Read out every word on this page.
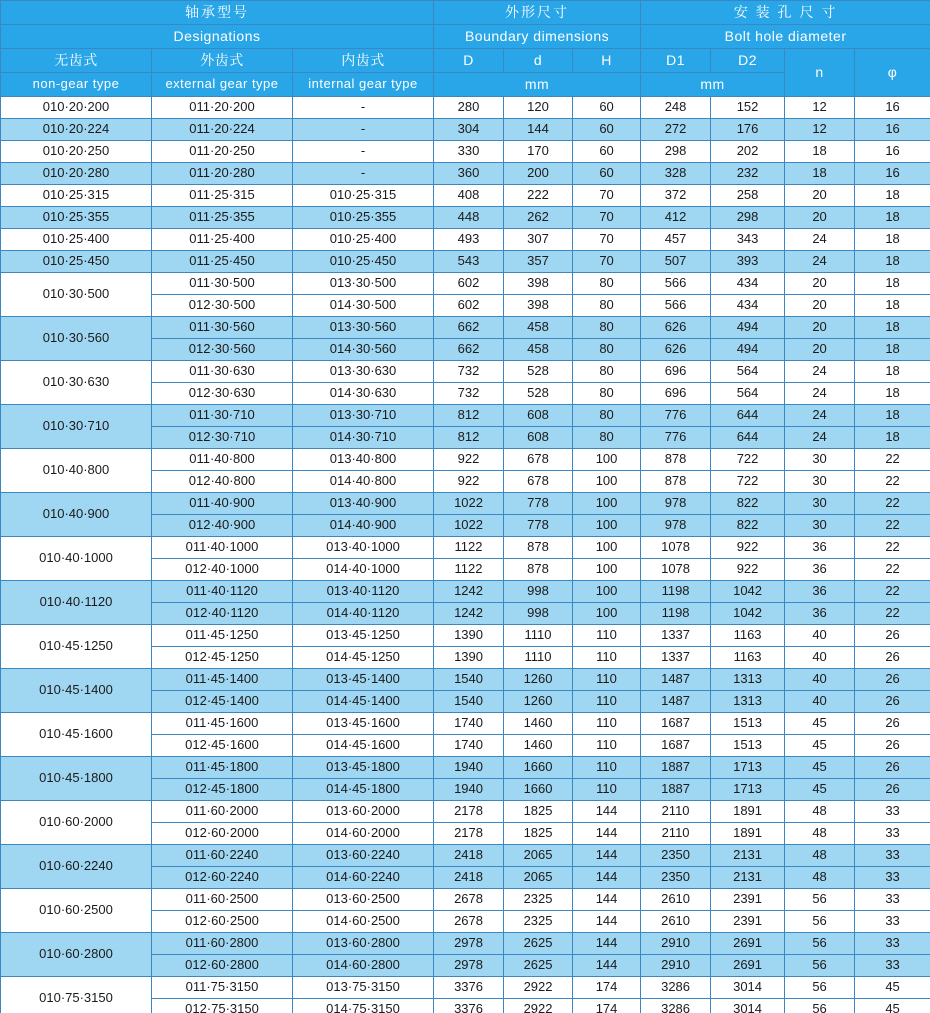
轴承型号			外形尺寸			安 装 孔 尺 寸			
Designations			Boundary dimensions			Bolt hole diameter			
无齿式	外齿式	内齿式	D	d	H	D1	D2	n	φ
non-gear type	external gear type	internal gear type	mm			mm			
010·20·200	011·20·200	-	280	120	60	248	152	12	16
010·20·224	011·20·224	-	304	144	60	272	176	12	16
010·20·250	011·20·250	-	330	170	60	298	202	18	16
010·20·280	011·20·280	-	360	200	60	328	232	18	16
010·25·315	011·25·315	010·25·315	408	222	70	372	258	20	18
010·25·355	011·25·355	010·25·355	448	262	70	412	298	20	18
010·25·400	011·25·400	010·25·400	493	307	70	457	343	24	18
010·25·450	011·25·450	010·25·450	543	357	70	507	393	24	18
010·30·500	011·30·500	013·30·500	602	398	80	566	434	20	18
	012·30·500	014·30·500	602	398	80	566	434	20	18
010·30·560	011·30·560	013·30·560	662	458	80	626	494	20	18
	012·30·560	014·30·560	662	458	80	626	494	20	18
010·30·630	011·30·630	013·30·630	732	528	80	696	564	24	18
	012·30·630	014·30·630	732	528	80	696	564	24	18
010·30·710	011·30·710	013·30·710	812	608	80	776	644	24	18
	012·30·710	014·30·710	812	608	80	776	644	24	18
010·40·800	011·40·800	013·40·800	922	678	100	878	722	30	22
	012·40·800	014·40·800	922	678	100	878	722	30	22
010·40·900	011·40·900	013·40·900	1022	778	100	978	822	30	22
	012·40·900	014·40·900	1022	778	100	978	822	30	22
010·40·1000	011·40·1000	013·40·1000	1122	878	100	1078	922	36	22
	012·40·1000	014·40·1000	1122	878	100	1078	922	36	22
010·40·1120	011·40·1120	013·40·1120	1242	998	100	1198	1042	36	22
	012·40·1120	014·40·1120	1242	998	100	1198	1042	36	22
010·45·1250	011·45·1250	013·45·1250	1390	1110	110	1337	1163	40	26
	012·45·1250	014·45·1250	1390	1110	110	1337	1163	40	26
010·45·1400	011·45·1400	013·45·1400	1540	1260	110	1487	1313	40	26
	012·45·1400	014·45·1400	1540	1260	110	1487	1313	40	26
010·45·1600	011·45·1600	013·45·1600	1740	1460	110	1687	1513	45	26
	012·45·1600	014·45·1600	1740	1460	110	1687	1513	45	26
010·45·1800	011·45·1800	013·45·1800	1940	1660	110	1887	1713	45	26
	012·45·1800	014·45·1800	1940	1660	110	1887	1713	45	26
010·60·2000	011·60·2000	013·60·2000	2178	1825	144	2110	1891	48	33
	012·60·2000	014·60·2000	2178	1825	144	2110	1891	48	33
010·60·2240	011·60·2240	013·60·2240	2418	2065	144	2350	2131	48	33
	012·60·2240	014·60·2240	2418	2065	144	2350	2131	48	33
010·60·2500	011·60·2500	013·60·2500	2678	2325	144	2610	2391	56	33
	012·60·2500	014·60·2500	2678	2325	144	2610	2391	56	33
010·60·2800	011·60·2800	013·60·2800	2978	2625	144	2910	2691	56	33
	012·60·2800	014·60·2800	2978	2625	144	2910	2691	56	33
010·75·3150	011·75·3150	013·75·3150	3376	2922	174	3286	3014	56	45
	012·75·3150	014·75·3150	3376	2922	174	3286	3014	56	45
